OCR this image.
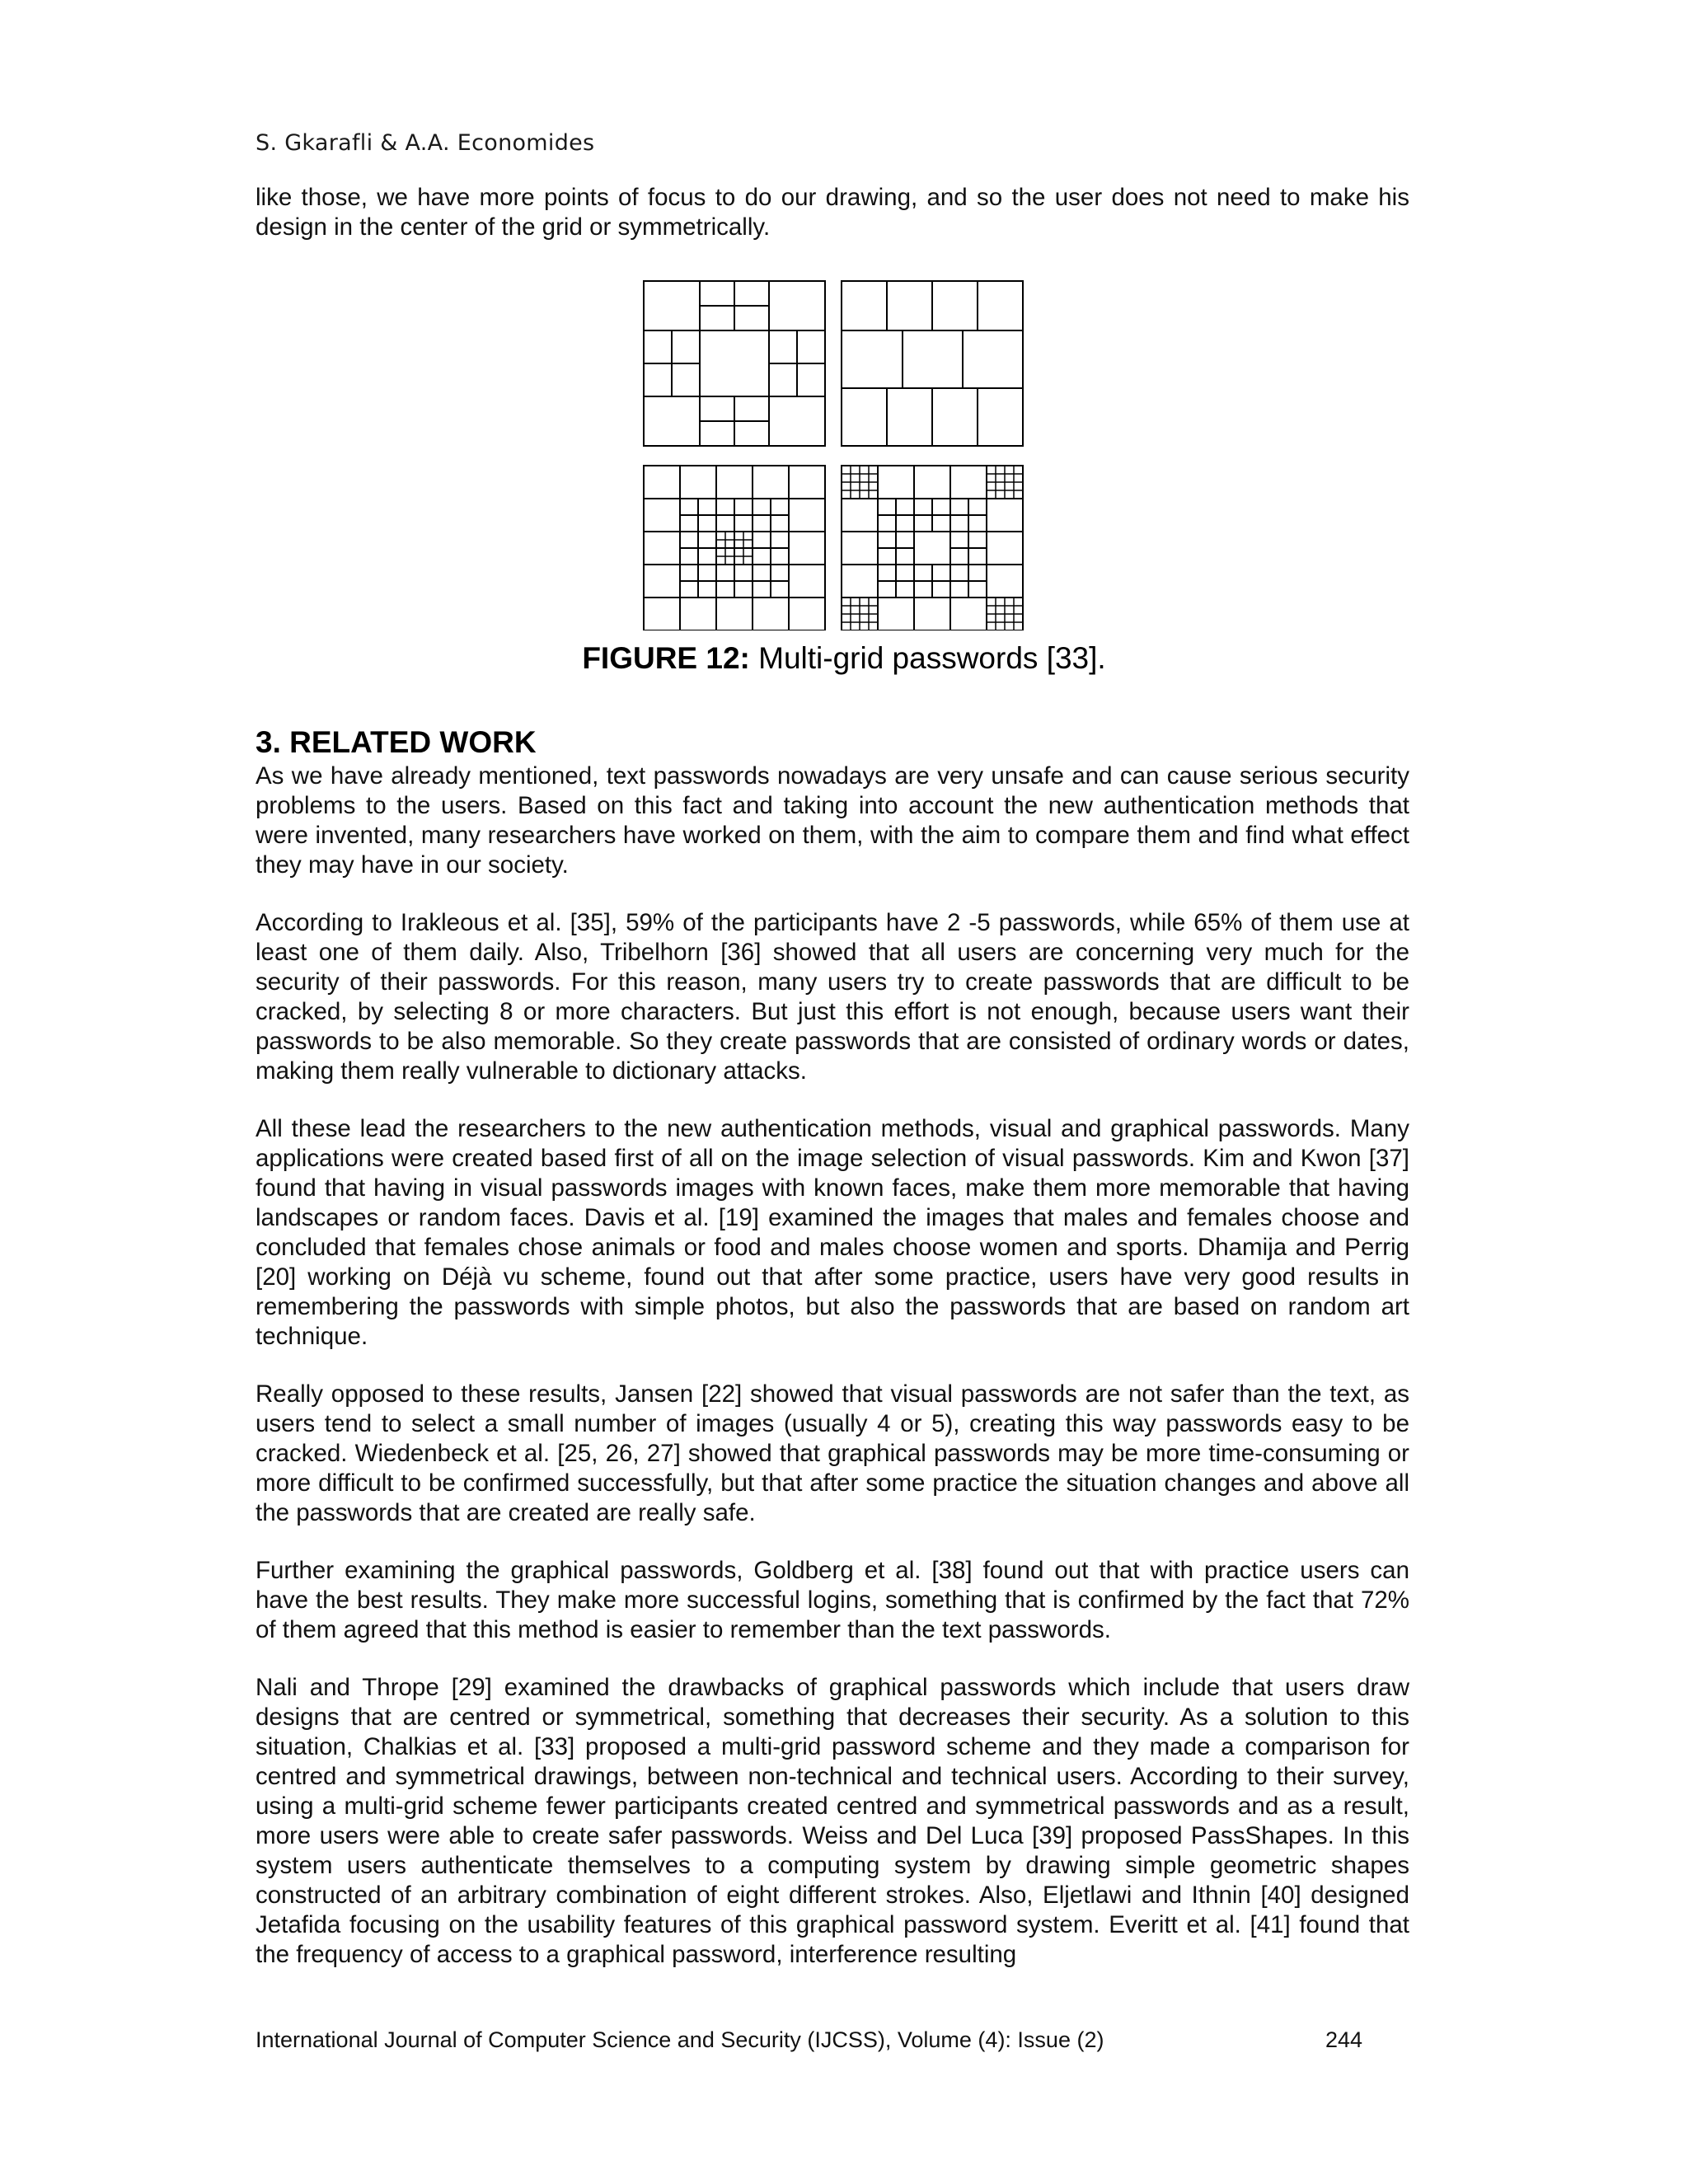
S. Gkarafli & A.A. Economides

like those, we have more points of focus to do our drawing, and so the user does not need to make his design in the center of the grid or symmetrically.

FIGURE 12: Multi-grid passwords [33].
3. RELATED WORK

As we have already mentioned, text passwords nowadays are very unsafe and can cause serious security problems to the users. Based on this fact and taking into account the new authentication methods that were invented, many researchers have worked on them, with the aim to compare them and find what effect they may have in our society.

According to Irakleous et al. [35], 59% of the participants have 2 -5 passwords, while 65% of them use at least one of them daily. Also, Tribelhorn [36] showed that all users are concerning very much for the security of their passwords. For this reason, many users try to create passwords that are difficult to be cracked, by selecting 8 or more characters. But just this effort is not enough, because users want their passwords to be also memorable. So they create passwords that are consisted of ordinary words or dates, making them really vulnerable to dictionary attacks.

All these lead the researchers to the new authentication methods, visual and graphical passwords. Many applications were created based first of all on the image selection of visual passwords. Kim and Kwon [37] found that having in visual passwords images with known faces, make them more memorable that having landscapes or random faces. Davis et al. [19] examined the images that males and females choose and concluded that females chose animals or food and males choose women and sports. Dhamija and Perrig [20] working on Déjà vu scheme, found out that after some practice, users have very good results in remembering the passwords with simple photos, but also the passwords that are based on random art technique.

Really opposed to these results, Jansen [22] showed that visual passwords are not safer than the text, as users tend to select a small number of images (usually 4 or 5), creating this way passwords easy to be cracked. Wiedenbeck et al. [25, 26, 27] showed that graphical passwords may be more time-consuming or more difficult to be confirmed successfully, but that after some practice the situation changes and above all the passwords that are created are really safe.

Further examining the graphical passwords, Goldberg et al. [38] found out that with practice users can have the best results. They make more successful logins, something that is confirmed by the fact that 72% of them agreed that this method is easier to remember than the text passwords.

Nali and Thrope [29] examined the drawbacks of graphical passwords which include that users draw designs that are centred or symmetrical, something that decreases their security. As a solution to this situation, Chalkias et al. [33] proposed a multi-grid password scheme and they made a comparison for centred and symmetrical drawings, between non-technical and technical users. According to their survey, using a multi-grid scheme fewer participants created centred and symmetrical passwords and as a result, more users were able to create safer passwords. Weiss and Del Luca [39] proposed PassShapes. In this system users authenticate themselves to a computing system by drawing simple geometric shapes constructed of an arbitrary combination of eight different strokes. Also, Eljetlawi and Ithnin [40] designed Jetafida focusing on the usability features of this graphical password system. Everitt et al. [41] found that the frequency of access to a graphical password, interference resulting

International Journal of Computer Science and Security (IJCSS), Volume (4): Issue (2)	244
